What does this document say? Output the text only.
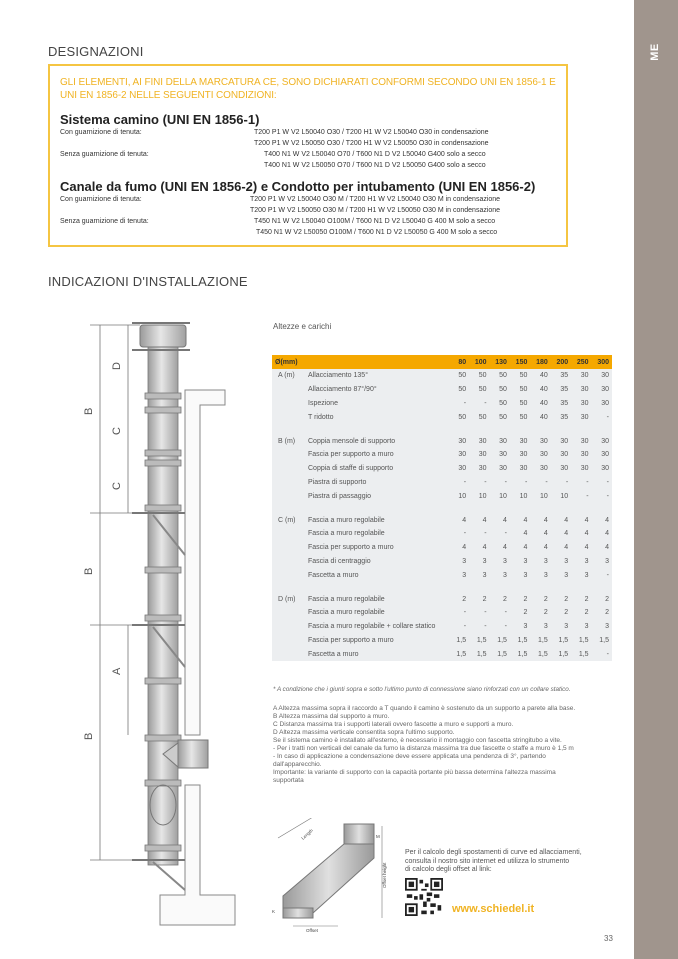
ME
DESIGNAZIONI
GLI ELEMENTI, AI FINI DELLA MARCATURA CE, SONO DICHIARATI CONFORMI SECONDO UNI EN 1856-1 E
UNI EN 1856-2 NELLE SEGUENTI CONDIZIONI:
Sistema camino (UNI EN 1856-1)
Con guarnizione di tenuta:	T200 P1 W V2 L50040 O30 / T200 H1 W V2 L50040 O30 in condensazione
T200 P1 W V2 L50050 O30 / T200 H1 W V2 L50050 O30 in condensazione
Senza guarnizione di tenuta:	T400 N1 W V2 L50040 O70 / T600 N1 D V2 L50040 G400 solo a secco
T400 N1 W V2 L50050 O70 / T600 N1 D V2 L50050 G400 solo a secco
Canale da fumo (UNI EN 1856-2) e Condotto per intubamento (UNI EN 1856-2)
Con guarnizione di tenuta:	T200 P1 W V2 L50040 O30 M / T200 H1 W V2 L50040 O30 M in condensazione
T200 P1 W V2 L50050 O30 M / T200 H1 W V2 L50050 O30 M in condensazione
Senza guarnizione di tenuta:	T450 N1 W V2 L50040 O100M / T600 N1 D V2 L50040 G 400 M solo a secco
T450 N1 W V2 L50050 O100M / T600 N1 D V2 L50050 G 400 M solo a secco
INDICAZIONI D'INSTALLAZIONE
D
B
C
C
B
A
B
Altezze e carichi
Ø(mm)		80	100	130	150	180	200	250	300
A (m)	Allacciamento 135°	50	50	50	50	40	35	30	30
	Allacciamento 87°/90°	50	50	50	50	40	35	30	30
	Ispezione	-	-	50	50	40	35	30	30
	T ridotto	50	50	50	50	40	35	30	-

B (m)	Coppia mensole di supporto	30	30	30	30	30	30	30	30
	Fascia per supporto a muro	30	30	30	30	30	30	30	30
	Coppia di staffe di supporto	30	30	30	30	30	30	30	30
	Piastra di supporto	-	-	-	-	-	-	-	-
	Piastra di passaggio	10	10	10	10	10	10	-	-

C (m)	Fascia a muro regolabile	4	4	4	4	4	4	4	4
	Fascia a muro regolabile	-	-	-	4	4	4	4	4
	Fascia per supporto a muro	4	4	4	4	4	4	4	4
	Fascia di centraggio	3	3	3	3	3	3	3	3
	Fascetta a muro	3	3	3	3	3	3	3	-

D (m)	Fascia a muro regolabile	2	2	2	2	2	2	2	2
	Fascia a muro regolabile	-	-	-	2	2	2	2	2
	Fascia a muro regolabile + collare statico	-	-	-	3	3	3	3	3
	Fascia per supporto a muro	1,5	1,5	1,5	1,5	1,5	1,5	1,5	1,5
	Fascetta a muro	1,5	1,5	1,5	1,5	1,5	1,5	1,5	-
* A condizione che i giunti sopra e sotto l'ultimo punto di connessione siano rinforzati con un collare statico.
A Altezza massima sopra il raccordo a T quando il camino è sostenuto da un supporto a parete alla base.
B Altezza massima dal supporto a muro.
C Distanza massima tra i supporti laterali ovvero fascette a muro e supporti a muro.
D Altezza massima verticale consentita sopra l'ultimo supporto.
Se il sistema camino è installato all'esterno, è necessario il montaggio con fascetta stringitubo a vite.
- Per i tratti non verticali del canale da fumo la distanza massima tra due fascette o staffe a muro è 1,5 m
- In caso di applicazione a condensazione deve essere applicata una pendenza di 3°, partendo
dall'apparecchio.
Importante: la variante di supporto con la capacità portante più bassa determina l'altezza massima
supportata
Offset
Offset height
Length
K
M
Per il calcolo degli spostamenti di curve ed allacciamenti,
consulta il nostro sito internet ed utilizza lo strumento
di calcolo degli offset al link:
www.schiedel.it
33
